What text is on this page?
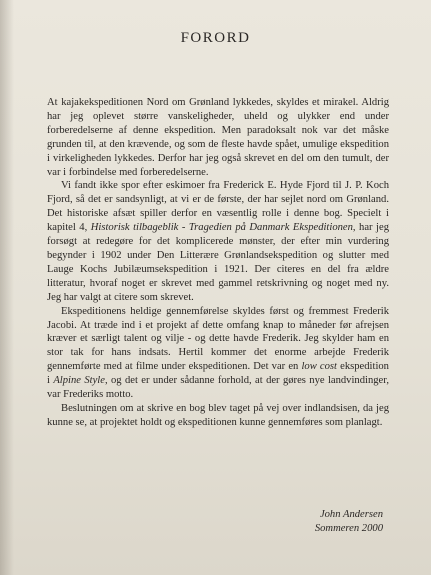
FORORD

At kajakekspeditionen Nord om Grønland lykkedes, skyldes et mirakel. Aldrig har jeg oplevet større vanskeligheder, uheld og ulykker end under forberedelserne af denne ekspedition. Men paradoksalt nok var det måske grunden til, at den krævende, og som de fleste havde spået, umulige ekspedition i virkeligheden lykkedes. Derfor har jeg også skrevet en del om den tumult, der var i forbindelse med forberedelserne.

Vi fandt ikke spor efter eskimoer fra Frederick E. Hyde Fjord til J. P. Koch Fjord, så det er sandsynligt, at vi er de første, der har sejlet nord om Grønland. Det historiske afsæt spiller derfor en væsentlig rolle i denne bog. Specielt i kapitel 4, Historisk tilbageblik - Tragedien på Danmark Ekspeditionen, har jeg forsøgt at redegøre for det komplicerede mønster, der efter min vurdering begynder i 1902 under Den Litterære Grønlandsekspedition og slutter med Lauge Kochs Jubilæumsekspedition i 1921. Der citeres en del fra ældre litteratur, hvoraf noget er skrevet med gammel retskrivning og noget med ny. Jeg har valgt at citere som skrevet.

Ekspeditionens heldige gennemførelse skyldes først og fremmest Frederik Jacobi. At træde ind i et projekt af dette omfang knap to måneder før afrejsen kræver et særligt talent og vilje - og dette havde Frederik. Jeg skylder ham en stor tak for hans indsats. Hertil kommer det enorme arbejde Frederik gennemførte med at filme under ekspeditionen. Det var en low cost ekspedition i Alpine Style, og det er under sådanne forhold, at der gøres nye landvindinger, var Frederiks motto.

Beslutningen om at skrive en bog blev taget på vej over indlandsisen, da jeg kunne se, at projektet holdt og ekspeditionen kunne gennemføres som planlagt.

John Andersen
Sommeren 2000
